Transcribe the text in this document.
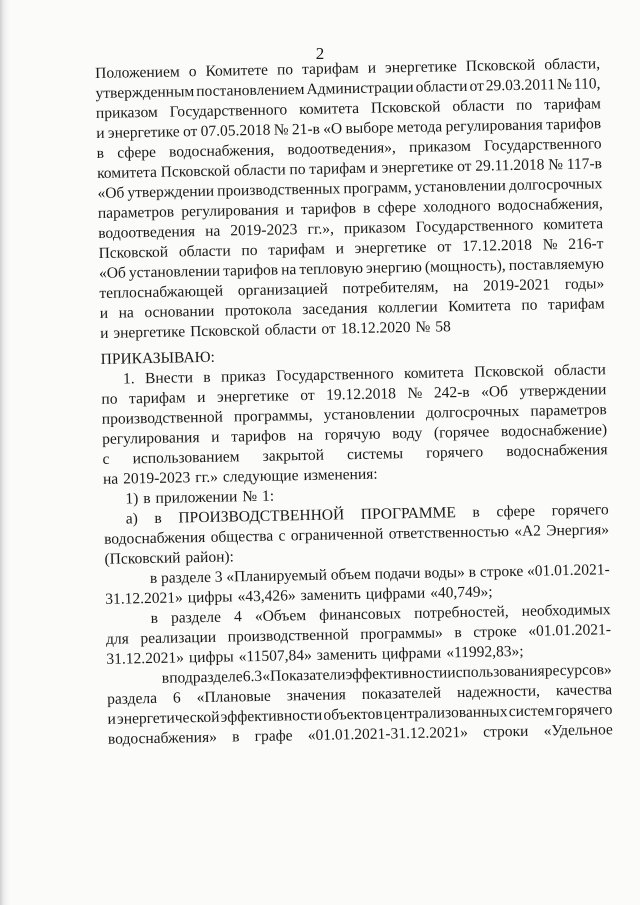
2
Положением о Комитете по тарифам и энергетике Псковской области,
утвержденным постановлением Администрации области от 29.03.2011 № 110,
приказом Государственного комитета Псковской области по тарифам
и энергетике от 07.05.2018 № 21-в «О выборе метода регулирования тарифов
в сфере водоснабжения, водоотведения», приказом Государственного
комитета Псковской области по тарифам и энергетике от 29.11.2018 № 117-в
«Об утверждении производственных программ, установлении долгосрочных
параметров регулирования и тарифов в сфере холодного водоснабжения,
водоотведения на 2019-2023 гг.», приказом Государственного комитета
Псковской области по тарифам и энергетике от 17.12.2018 № 216-т
«Об установлении тарифов на тепловую энергию (мощность), поставляемую
теплоснабжающей организацией потребителям, на 2019-2021 годы»
и на основании протокола заседания коллегии Комитета по тарифам
и энергетике Псковской области от 18.12.2020 № 58
ПРИКАЗЫВАЮ:
1. Внести в приказ Государственного комитета Псковской области
по тарифам и энергетике от 19.12.2018 № 242-в «Об утверждении
производственной программы, установлении долгосрочных параметров
регулирования и тарифов на горячую воду (горячее водоснабжение)
с использованием закрытой системы горячего водоснабжения
на 2019-2023 гг.» следующие изменения:
1) в приложении № 1:
а) в ПРОИЗВОДСТВЕННОЙ ПРОГРАММЕ в сфере горячего
водоснабжения общества с ограниченной ответственностью «А2 Энергия»
(Псковский район):
в разделе 3 «Планируемый объем подачи воды» в строке «01.01.2021-
31.12.2021» цифры «43,426» заменить цифрами «40,749»;
в разделе 4 «Объем финансовых потребностей, необходимых
для реализации производственной программы» в строке «01.01.2021-
31.12.2021» цифры «11507,84» заменить цифрами «11992,83»;
в подразделе 6.3 «Показатели эффективности использования ресурсов»
раздела 6 «Плановые значения показателей надежности, качества
и энергетической эффективности объектов централизованных систем горячего
водоснабжения» в графе «01.01.2021-31.12.2021» строки «Удельное
